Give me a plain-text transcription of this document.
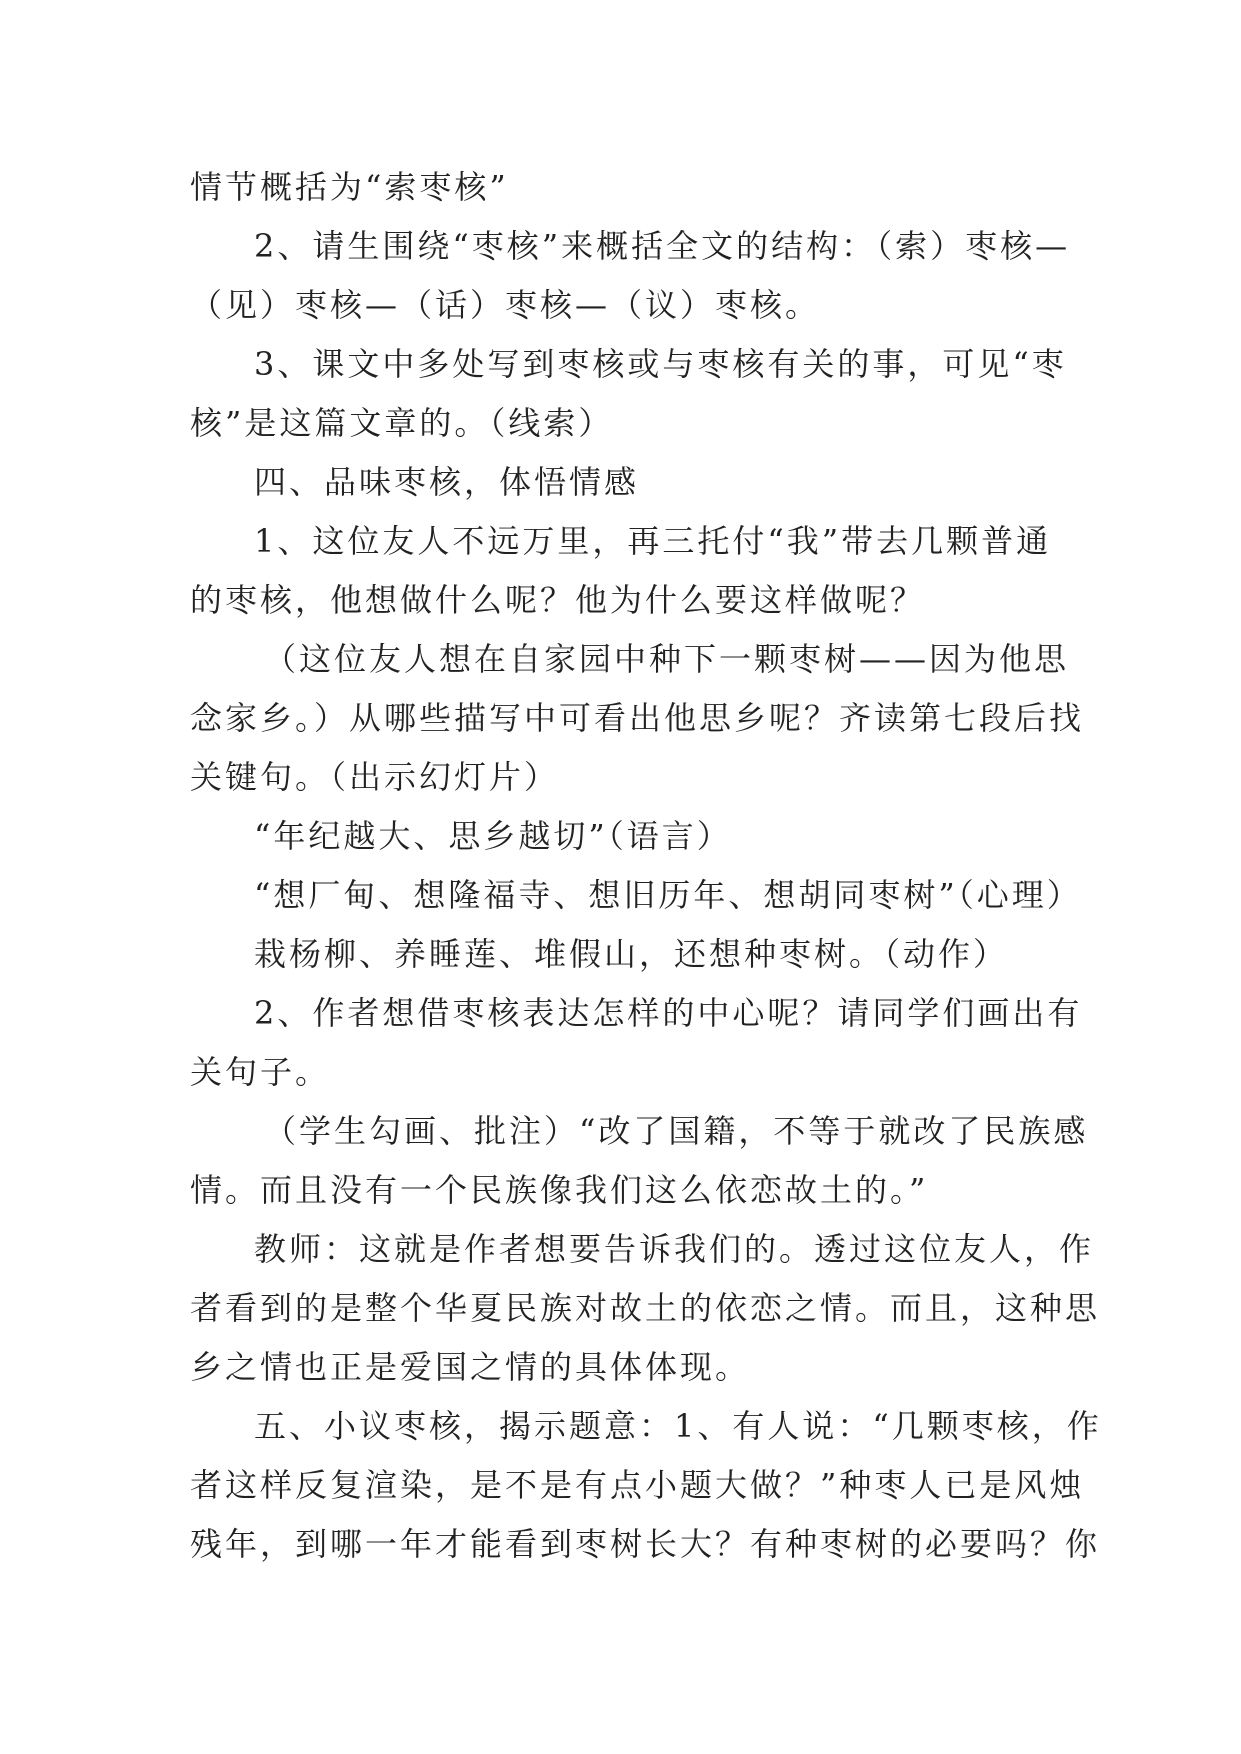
情节概括为“索枣核”
2、请生围绕“枣核”来概括全文的结构：（索）枣核—
（见）枣核—（话）枣核—（议）枣核。
3、课文中多处写到枣核或与枣核有关的事，可见“枣
核”是这篇文章的。（线索）
四、品味枣核，体悟情感
1、这位友人不远万里，再三托付“我”带去几颗普通
的枣核，他想做什么呢？他为什么要这样做呢？
（这位友人想在自家园中种下一颗枣树——因为他思
念家乡。）从哪些描写中可看出他思乡呢？齐读第七段后找
关键句。（出示幻灯片）
“年纪越大、思乡越切”（语言）
“想厂甸、想隆福寺、想旧历年、想胡同枣树”（心理）
栽杨柳、养睡莲、堆假山，还想种枣树。（动作）
2、作者想借枣核表达怎样的中心呢？请同学们画出有
关句子。
（学生勾画、批注）“改了国籍，不等于就改了民族感
情。而且没有一个民族像我们这么依恋故土的。”
教师：这就是作者想要告诉我们的。透过这位友人，作
者看到的是整个华夏民族对故土的依恋之情。而且，这种思
乡之情也正是爱国之情的具体体现。
五、小议枣核，揭示题意：1、有人说：“几颗枣核，作
者这样反复渲染，是不是有点小题大做？”种枣人已是风烛
残年，到哪一年才能看到枣树长大？有种枣树的必要吗？你
